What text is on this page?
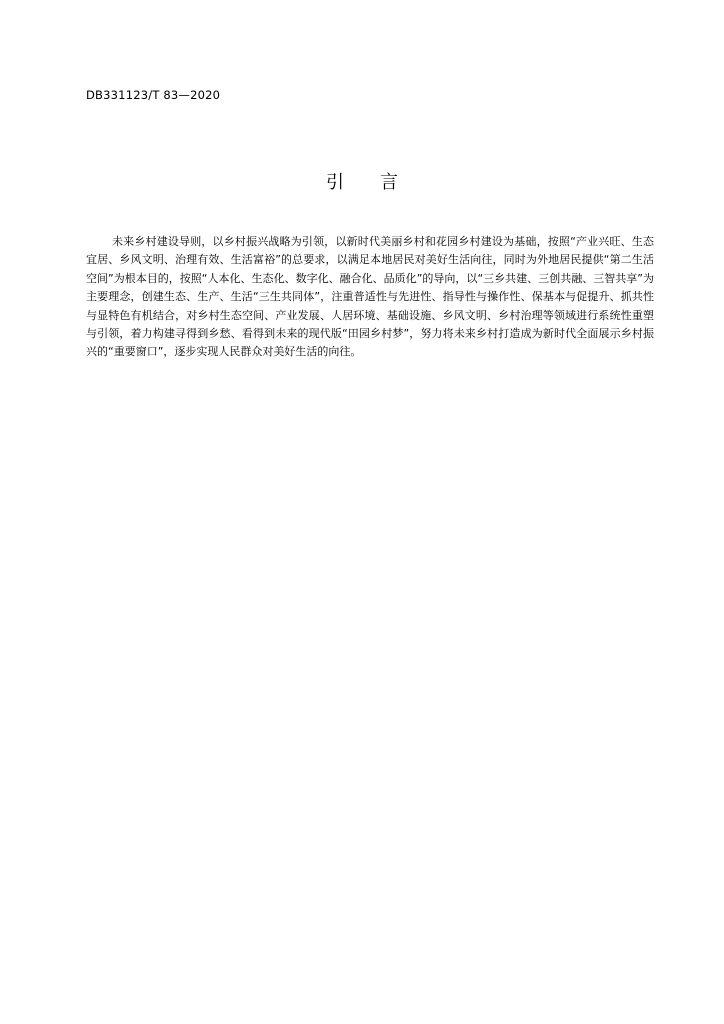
DB331123/T 83—2020
引言

未来乡村建设导则，以乡村振兴战略为引领，以新时代美丽乡村和花园乡村建设为基础，按照“产业兴旺、生态宜居、乡风文明、治理有效、生活富裕”的总要求，以满足本地居民对美好生活向往，同时为外地居民提供“第二生活空间”为根本目的，按照“人本化、生态化、数字化、融合化、品质化”的导向，以“三乡共建、三创共融、三智共享”为主要理念，创建生态、生产、生活“三生共同体”，注重普适性与先进性、指导性与操作性、保基本与促提升、抓共性与显特色有机结合，对乡村生态空间、产业发展、人居环境、基础设施、乡风文明、乡村治理等领域进行系统性重塑与引领，着力构建寻得到乡愁、看得到未来的现代版“田园乡村梦”，努力将未来乡村打造成为新时代全面展示乡村振兴的“重要窗口”，逐步实现人民群众对美好生活的向往。
